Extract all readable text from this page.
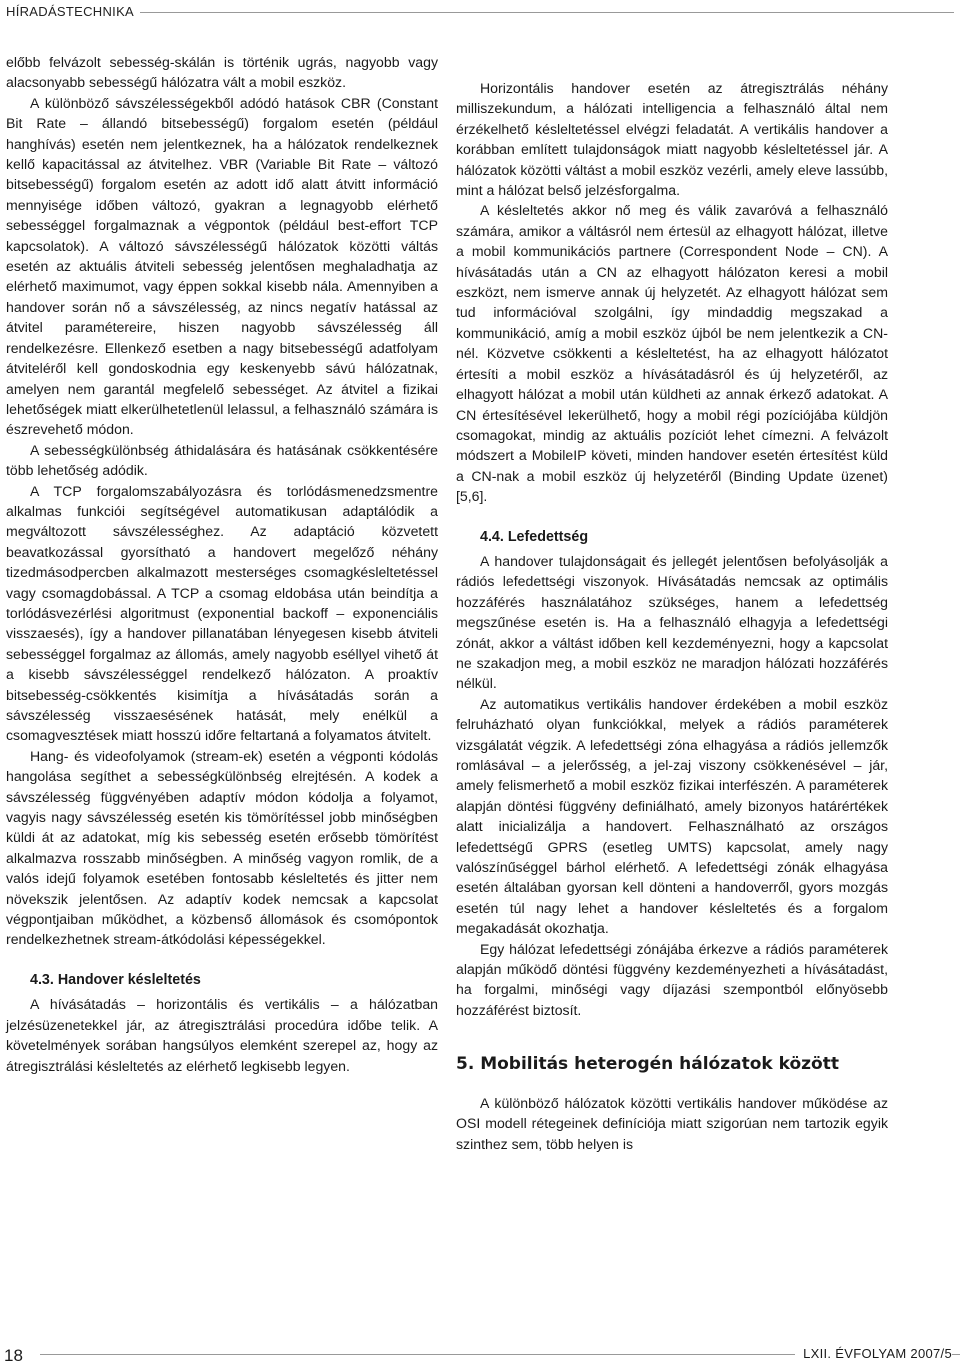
HÍRADÁSTECHNIKA

előbb felvázolt sebesség-skálán is történik ugrás, nagyobb vagy alacsonyabb sebességű hálózatra vált a mobil eszköz.

A különböző sávszélességekből adódó hatások CBR (Constant Bit Rate – állandó bitsebességű) forgalom esetén (például hanghívás) esetén nem jelentkeznek, ha a hálózatok rendelkeznek kellő kapacitással az átvitelhez. VBR (Variable Bit Rate – változó bitsebességű) forgalom esetén az adott idő alatt átvitt információ mennyisége időben változó, gyakran a legnagyobb elérhető sebességgel forgalmaznak a végpontok (például best-effort TCP kapcsolatok). A változó sávszélességű hálózatok közötti váltás esetén az aktuális átviteli sebesség jelentősen meghaladhatja az elérhető maximumot, vagy éppen sokkal kisebb nála. Amennyiben a handover során nő a sávszélesség, az nincs negatív hatással az átvitel paramétereire, hiszen nagyobb sávszélesség áll rendelkezésre. Ellenkező esetben a nagy bitsebességű adatfolyam átviteléről kell gondoskodnia egy keskenyebb sávú hálózatnak, amelyen nem garantál megfelelő sebességet. Az átvitel a fizikai lehetőségek miatt elkerülhetetlenül lelassul, a felhasználó számára is észrevehető módon.

A sebességkülönbség áthidalására és hatásának csökkentésére több lehetőség adódik.

A TCP forgalomszabályozásra és torlódásmenedzsmentre alkalmas funkciói segítségével automatikusan adaptálódik a megváltozott sávszélességhez. Az adaptáció közvetett beavatkozással gyorsítható a handovert megelőző néhány tizedmásodpercben alkalmazott mesterséges csomagkésleltetéssel vagy csomagdobással. A TCP a csomag eldobása után beindítja a torlódásvezérlési algoritmust (exponential backoff – exponenciális visszaesés), így a handover pillanatában lényegesen kisebb átviteli sebességgel forgalmaz az állomás, amely nagyobb eséllyel vihető át a kisebb sávszélességgel rendelkező hálózaton. A proaktív bitsebesség-csökkentés kisimítja a hívásátadás során a sávszélesség visszaesésének hatását, mely enélkül a csomagvesztések miatt hosszú időre feltartaná a folyamatos átvitelt.

Hang- és videofolyamok (stream-ek) esetén a végponti kódolás hangolása segíthet a sebességkülönbség elrejtésén. A kodek a sávszélesség függvényében adaptív módon kódolja a folyamot, vagyis nagy sávszélesség esetén kis tömörítéssel jobb minőségben küldi át az adatokat, míg kis sebesség esetén erősebb tömörítést alkalmazva rosszabb minőségben. A minőség vagyon romlik, de a valós idejű folyamok esetében fontosabb késleltetés és jitter nem növekszik jelentősen. Az adaptív kodek nemcsak a kapcsolat végpontjaiban működhet, a közbenső állomások és csomópontok rendelkezhetnek stream-átkódolási képességekkel.

4.3. Handover késleltetés

A hívásátadás – horizontális és vertikális – a hálózatban jelzésüzenetekkel jár, az átregisztrálási procedúra időbe telik. A követelmények sorában hangsúlyos elemként szerepel az, hogy az átregisztrálási késleltetés az elérhető legkisebb legyen.

Horizontális handover esetén az átregisztrálás néhány milliszekundum, a hálózati intelligencia a felhasználó által nem érzékelhető késleltetéssel elvégzi feladatát. A vertikális handover a korábban említett tulajdonságok miatt nagyobb késleltetéssel jár. A hálózatok közötti váltást a mobil eszköz vezérli, amely eleve lassúbb, mint a hálózat belső jelzésforgalma.

A késleltetés akkor nő meg és válik zavaróvá a felhasználó számára, amikor a váltásról nem értesül az elhagyott hálózat, illetve a mobil kommunikációs partnere (Correspondent Node – CN). A hívásátadás után a CN az elhagyott hálózaton keresi a mobil eszközt, nem ismerve annak új helyzetét. Az elhagyott hálózat sem tud információval szolgálni, így mindaddig megszakad a kommunikáció, amíg a mobil eszköz újból be nem jelentkezik a CN-nél. Közvetve csökkenti a késleltetést, ha az elhagyott hálózatot értesíti a mobil eszköz a hívásátadásról és új helyzetéről, az elhagyott hálózat a mobil után küldheti az annak érkező adatokat. A CN értesítésével lekerülhető, hogy a mobil régi pozíciójába küldjön csomagokat, mindig az aktuális pozíciót lehet címezni. A felvázolt módszert a MobileIP követi, minden handover esetén értesítést küld a CN-nak a mobil eszköz új helyzetéről (Binding Update üzenet) [5,6].

4.4. Lefedettség

A handover tulajdonságait és jellegét jelentősen befolyásolják a rádiós lefedettségi viszonyok. Hívásátadás nemcsak az optimális hozzáférés használatához szükséges, hanem a lefedettség megszűnése esetén is. Ha a felhasználó elhagyja a lefedettségi zónát, akkor a váltást időben kell kezdeményezni, hogy a kapcsolat ne szakadjon meg, a mobil eszköz ne maradjon hálózati hozzáférés nélkül.

Az automatikus vertikális handover érdekében a mobil eszköz felruházható olyan funkciókkal, melyek a rádiós paraméterek vizsgálatát végzik. A lefedettségi zóna elhagyása a rádiós jellemzők romlásával – a jelerősség, a jel-zaj viszony csökkenésével – jár, amely felismerhető a mobil eszköz fizikai interfészén. A paraméterek alapján döntési függvény definiálható, amely bizonyos határértékek alatt inicializálja a handovert. Felhasználható az országos lefedettségű GPRS (esetleg UMTS) kapcsolat, amely nagy valószínűséggel bárhol elérhető. A lefedettségi zónák elhagyása esetén általában gyorsan kell dönteni a handoverről, gyors mozgás esetén túl nagy lehet a handover késleltetés és a forgalom megakadását okozhatja.

Egy hálózat lefedettségi zónájába érkezve a rádiós paraméterek alapján működő döntési függvény kezdeményezheti a hívásátadást, ha forgalmi, minőségi vagy díjazási szempontból előnyösebb hozzáférést biztosít.

5. Mobilitás heterogén hálózatok között

A különböző hálózatok közötti vertikális handover működése az OSI modell rétegeinek definíciója miatt szigorúan nem tartozik egyik szinthez sem, több helyen is

18	LXII. ÉVFOLYAM 2007/5
